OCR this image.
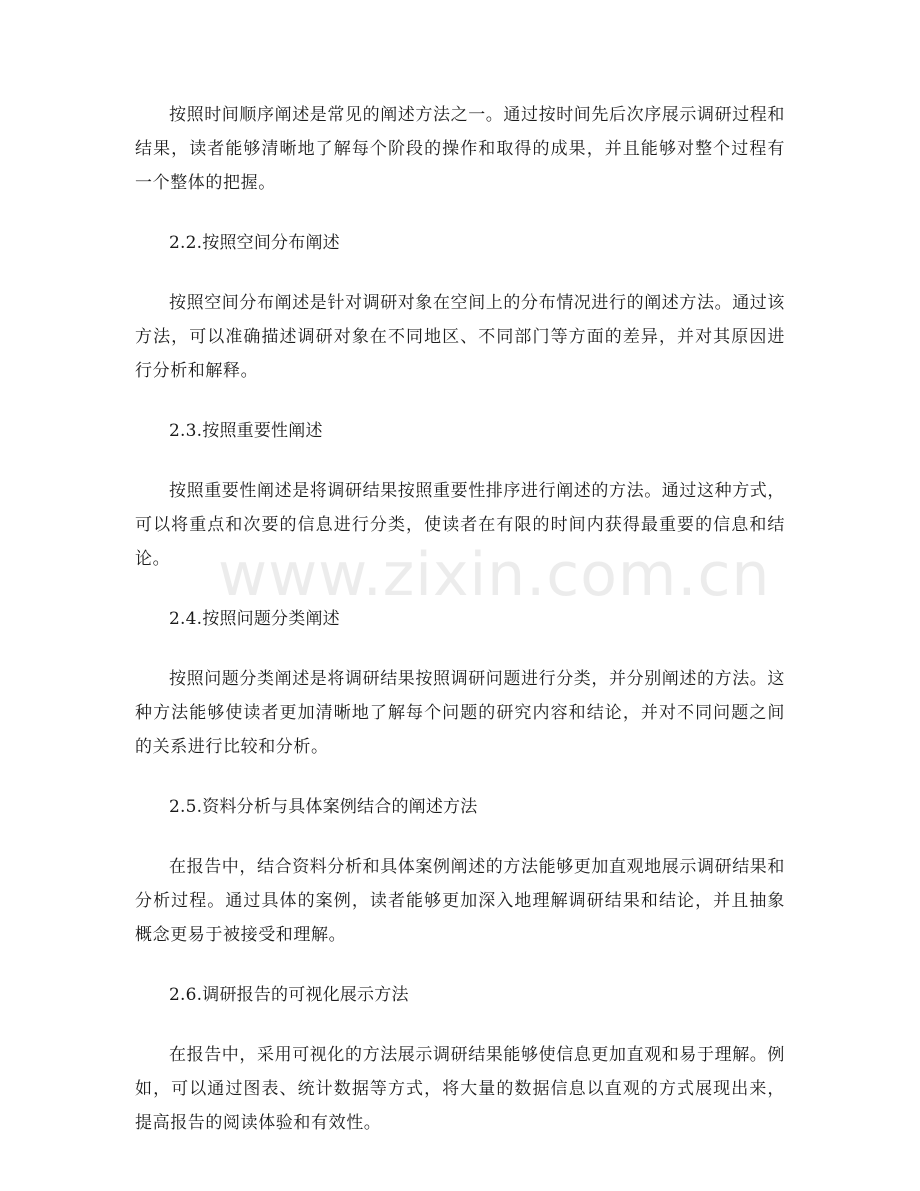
按照时间顺序阐述是常见的阐述方法之一。通过按时间先后次序展示调研过程和结果，读者能够清晰地了解每个阶段的操作和取得的成果，并且能够对整个过程有一个整体的把握。

2.2.按照空间分布阐述

按照空间分布阐述是针对调研对象在空间上的分布情况进行的阐述方法。通过该方法，可以准确描述调研对象在不同地区、不同部门等方面的差异，并对其原因进行分析和解释。

2.3.按照重要性阐述

按照重要性阐述是将调研结果按照重要性排序进行阐述的方法。通过这种方式，可以将重点和次要的信息进行分类，使读者在有限的时间内获得最重要的信息和结论。

2.4.按照问题分类阐述

按照问题分类阐述是将调研结果按照调研问题进行分类，并分别阐述的方法。这种方法能够使读者更加清晰地了解每个问题的研究内容和结论，并对不同问题之间的关系进行比较和分析。

2.5.资料分析与具体案例结合的阐述方法

在报告中，结合资料分析和具体案例阐述的方法能够更加直观地展示调研结果和分析过程。通过具体的案例，读者能够更加深入地理解调研结果和结论，并且抽象概念更易于被接受和理解。

2.6.调研报告的可视化展示方法

在报告中，采用可视化的方法展示调研结果能够使信息更加直观和易于理解。例如，可以通过图表、统计数据等方式，将大量的数据信息以直观的方式展现出来，提高报告的阅读体验和有效性。

www.zixin.com.cn
